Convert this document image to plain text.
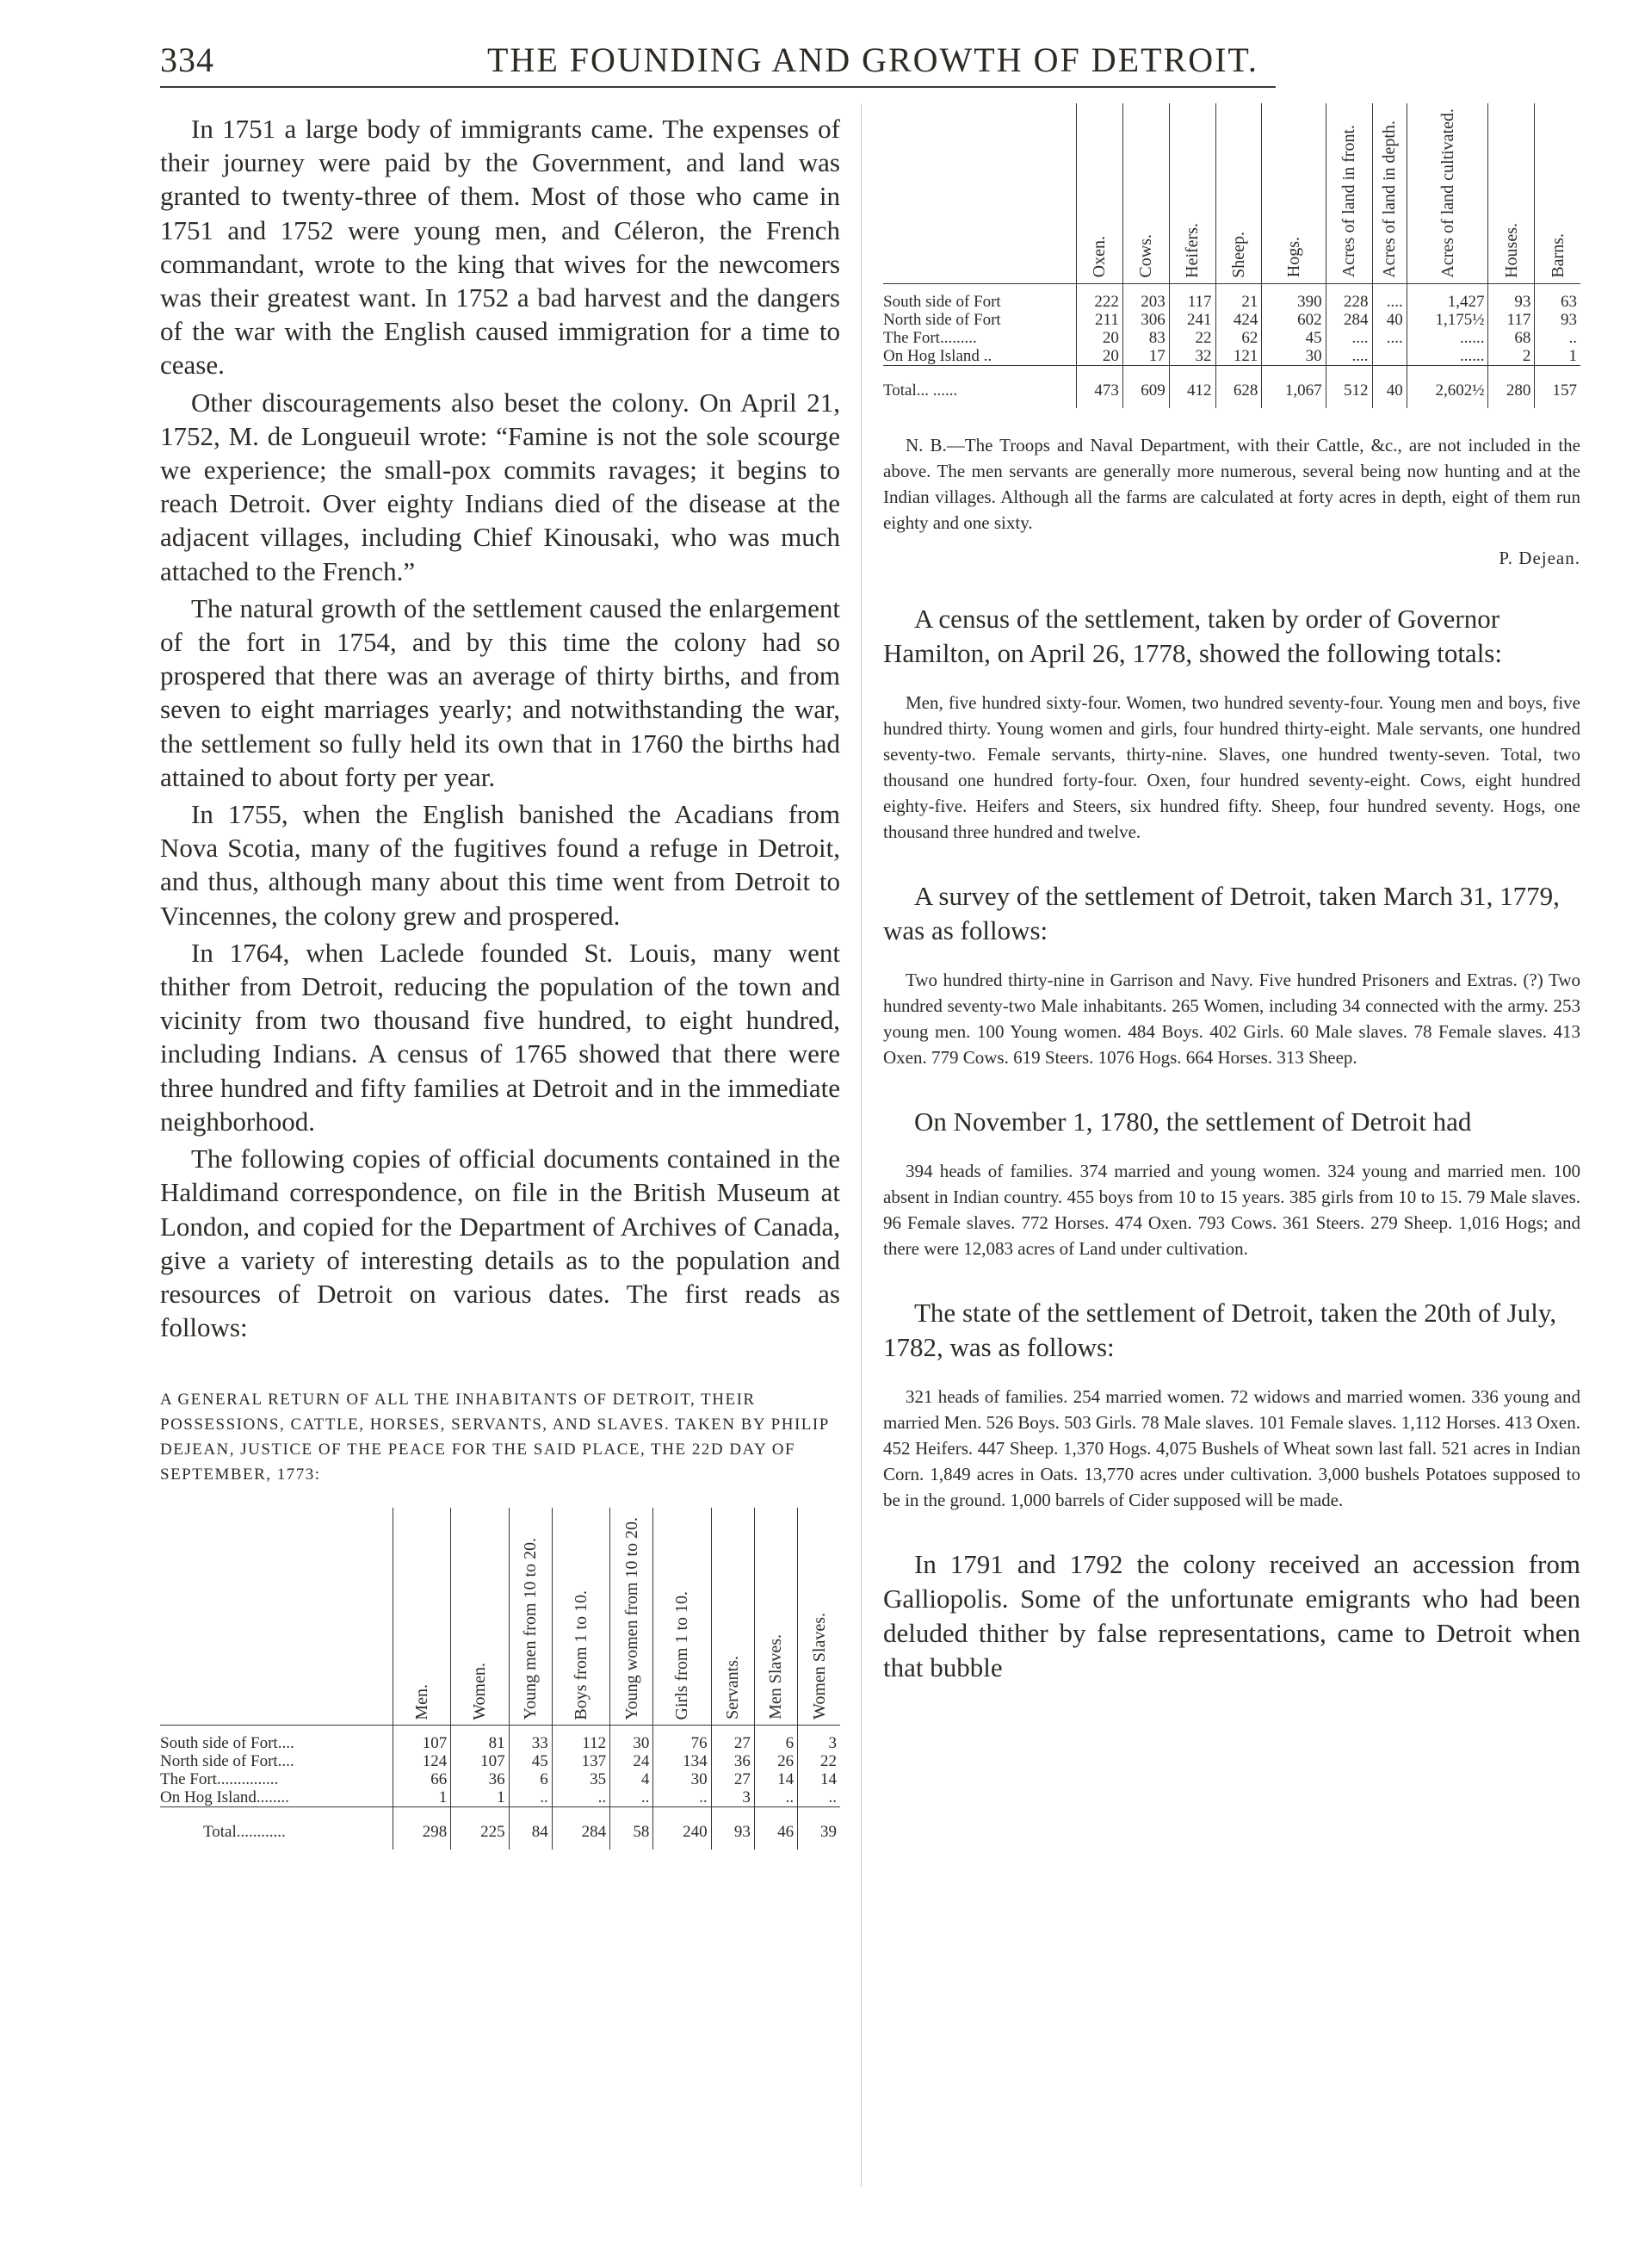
334	THE FOUNDING AND GROWTH OF DETROIT.

In 1751 a large body of immigrants came. The expenses of their journey were paid by the Government, and land was granted to twenty-three of them. Most of those who came in 1751 and 1752 were young men, and Céleron, the French commandant, wrote to the king that wives for the newcomers was their greatest want. In 1752 a bad harvest and the dangers of the war with the English caused immigration for a time to cease.

Other discouragements also beset the colony. On April 21, 1752, M. de Longueuil wrote: “Famine is not the sole scourge we experience; the small-pox commits ravages; it begins to reach Detroit. Over eighty Indians died of the disease at the adjacent villages, including Chief Kinousaki, who was much attached to the French.”

The natural growth of the settlement caused the enlargement of the fort in 1754, and by this time the colony had so prospered that there was an average of thirty births, and from seven to eight marriages yearly; and notwithstanding the war, the settlement so fully held its own that in 1760 the births had attained to about forty per year.

In 1755, when the English banished the Acadians from Nova Scotia, many of the fugitives found a refuge in Detroit, and thus, although many about this time went from Detroit to Vincennes, the colony grew and prospered.

In 1764, when Laclede founded St. Louis, many went thither from Detroit, reducing the population of the town and vicinity from two thousand five hundred, to eight hundred, including Indians. A census of 1765 showed that there were three hundred and fifty families at Detroit and in the immediate neighborhood.

The following copies of official documents contained in the Haldimand correspondence, on file in the British Museum at London, and copied for the Department of Archives of Canada, give a variety of interesting details as to the population and resources of Detroit on various dates. The first reads as follows:

A GENERAL RETURN OF ALL THE INHABITANTS OF DETROIT, THEIR POSSESSIONS, CATTLE, HORSES, SERVANTS, AND SLAVES. TAKEN BY PHILIP DEJEAN, JUSTICE OF THE PEACE FOR THE SAID PLACE, THE 22D DAY OF SEPTEMBER, 1773:

	Men.	Women.	Young men from 10 to 20.	Boys from 1 to 10.	Young women from 10 to 20.	Girls from 1 to 10.	Servants.	Men Slaves.	Women Slaves.
South side of Fort....	107	81	33	112	30	76	27	6	3
North side of Fort....	124	107	45	137	24	134	36	26	22
The Fort...............	66	36	6	35	4	30	27	14	14
On Hog Island........	1	1	..	..	..	..	3	..	..
Total............	298	225	84	284	58	240	93	46	39
	Oxen.	Cows.	Heifers.	Sheep.	Hogs.	Acres of land in front.	Acres of land in depth.	Acres of land cultivated.	Houses.	Barns.
South side of Fort	222	203	117	21	390	228	....	1,427	93	63
North side of Fort	211	306	241	424	602	284	40	1,175½	117	93
The Fort.........	20	83	22	62	45	....	....	......	68	..
On Hog Island ..	20	17	32	121	30	....		......	2	1
Total... ......	473	609	412	628	1,067	512	40	2,602½	280	157

N. B.—The Troops and Naval Department, with their Cattle, &c., are not included in the above. The men servants are generally more numerous, several being now hunting and at the Indian villages. Although all the farms are calculated at forty acres in depth, eight of them run eighty and one sixty.

P. Dejean.

A census of the settlement, taken by order of Governor Hamilton, on April 26, 1778, showed the following totals:

Men, five hundred sixty-four. Women, two hundred seventy-four. Young men and boys, five hundred thirty. Young women and girls, four hundred thirty-eight. Male servants, one hundred seventy-two. Female servants, thirty-nine. Slaves, one hundred twenty-seven. Total, two thousand one hundred forty-four. Oxen, four hundred seventy-eight. Cows, eight hundred eighty-five. Heifers and Steers, six hundred fifty. Sheep, four hundred seventy. Hogs, one thousand three hundred and twelve.

A survey of the settlement of Detroit, taken March 31, 1779, was as follows:

Two hundred thirty-nine in Garrison and Navy. Five hundred Prisoners and Extras. (?) Two hundred seventy-two Male inhabitants. 265 Women, including 34 connected with the army. 253 young men. 100 Young women. 484 Boys. 402 Girls. 60 Male slaves. 78 Female slaves. 413 Oxen. 779 Cows. 619 Steers. 1076 Hogs. 664 Horses. 313 Sheep.

On November 1, 1780, the settlement of Detroit had

394 heads of families. 374 married and young women. 324 young and married men. 100 absent in Indian country. 455 boys from 10 to 15 years. 385 girls from 10 to 15. 79 Male slaves. 96 Female slaves. 772 Horses. 474 Oxen. 793 Cows. 361 Steers. 279 Sheep. 1,016 Hogs; and there were 12,083 acres of Land under cultivation.

The state of the settlement of Detroit, taken the 20th of July, 1782, was as follows:

321 heads of families. 254 married women. 72 widows and married women. 336 young and married Men. 526 Boys. 503 Girls. 78 Male slaves. 101 Female slaves. 1,112 Horses. 413 Oxen. 452 Heifers. 447 Sheep. 1,370 Hogs. 4,075 Bushels of Wheat sown last fall. 521 acres in Indian Corn. 1,849 acres in Oats. 13,770 acres under cultivation. 3,000 bushels Potatoes supposed to be in the ground. 1,000 barrels of Cider supposed will be made.

In 1791 and 1792 the colony received an accession from Galliopolis. Some of the unfortunate emigrants who had been deluded thither by false representations, came to Detroit when that bubble
